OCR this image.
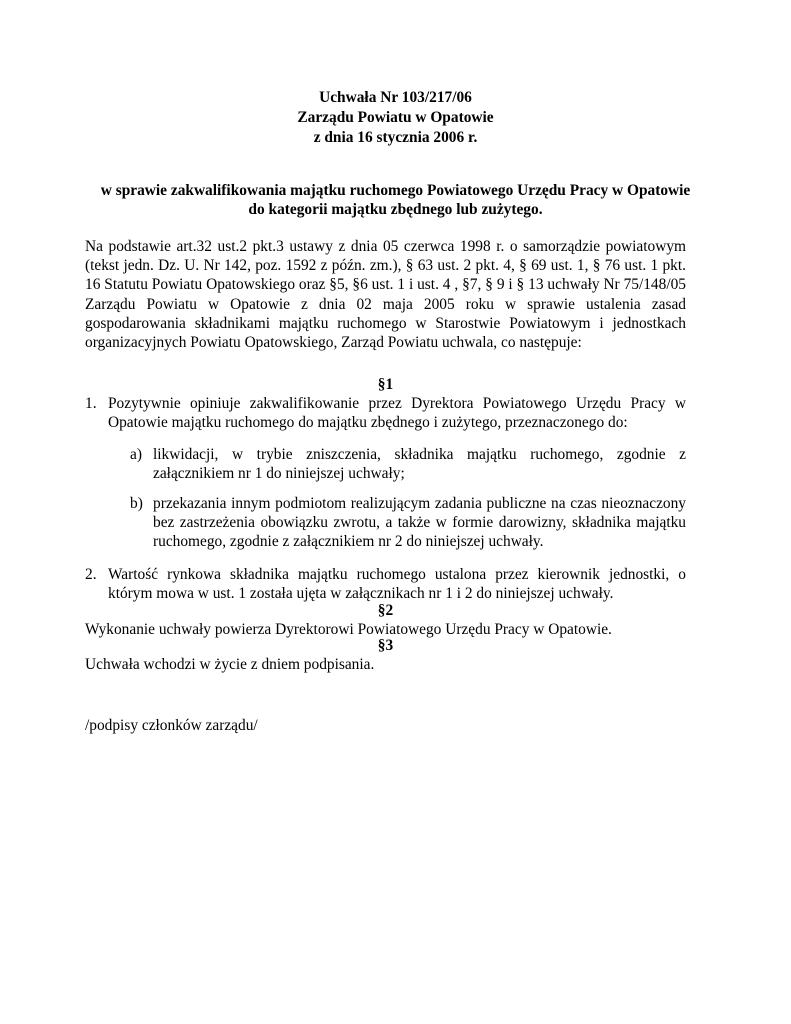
Uchwała Nr 103/217/06
Zarządu Powiatu w Opatowie
z dnia 16 stycznia 2006 r.
w sprawie zakwalifikowania majątku ruchomego Powiatowego Urzędu Pracy w Opatowie
do kategorii majątku zbędnego lub zużytego.
Na podstawie art.32 ust.2 pkt.3 ustawy z dnia 05 czerwca 1998 r. o samorządzie powiatowym (tekst jedn. Dz. U. Nr 142, poz. 1592 z późn. zm.), § 63 ust. 2 pkt. 4, § 69 ust. 1, § 76 ust. 1 pkt. 16 Statutu Powiatu Opatowskiego oraz §5, §6 ust. 1 i ust. 4 , §7, § 9 i § 13 uchwały Nr 75/148/05 Zarządu Powiatu w Opatowie z dnia 02 maja 2005 roku w sprawie ustalenia zasad gospodarowania składnikami majątku ruchomego w Starostwie Powiatowym i jednostkach organizacyjnych Powiatu Opatowskiego, Zarząd Powiatu uchwala, co następuje:
§1
1. Pozytywnie opiniuje zakwalifikowanie przez Dyrektora Powiatowego Urzędu Pracy w Opatowie majątku ruchomego do majątku zbędnego i zużytego, przeznaczonego do:
a) likwidacji, w trybie zniszczenia, składnika majątku ruchomego, zgodnie z załącznikiem nr 1 do niniejszej uchwały;
b) przekazania innym podmiotom realizującym zadania publiczne na czas nieoznaczony bez zastrzeżenia obowiązku zwrotu, a także w formie darowizny, składnika majątku ruchomego, zgodnie z załącznikiem nr 2 do niniejszej uchwały.
2. Wartość rynkowa składnika majątku ruchomego ustalona przez kierownik jednostki, o którym mowa w ust. 1 została ujęta w załącznikach nr 1 i 2 do niniejszej uchwały.
§2
Wykonanie uchwały powierza Dyrektorowi Powiatowego Urzędu Pracy w Opatowie.
§3
Uchwała wchodzi w życie z dniem podpisania.
/podpisy członków zarządu/
